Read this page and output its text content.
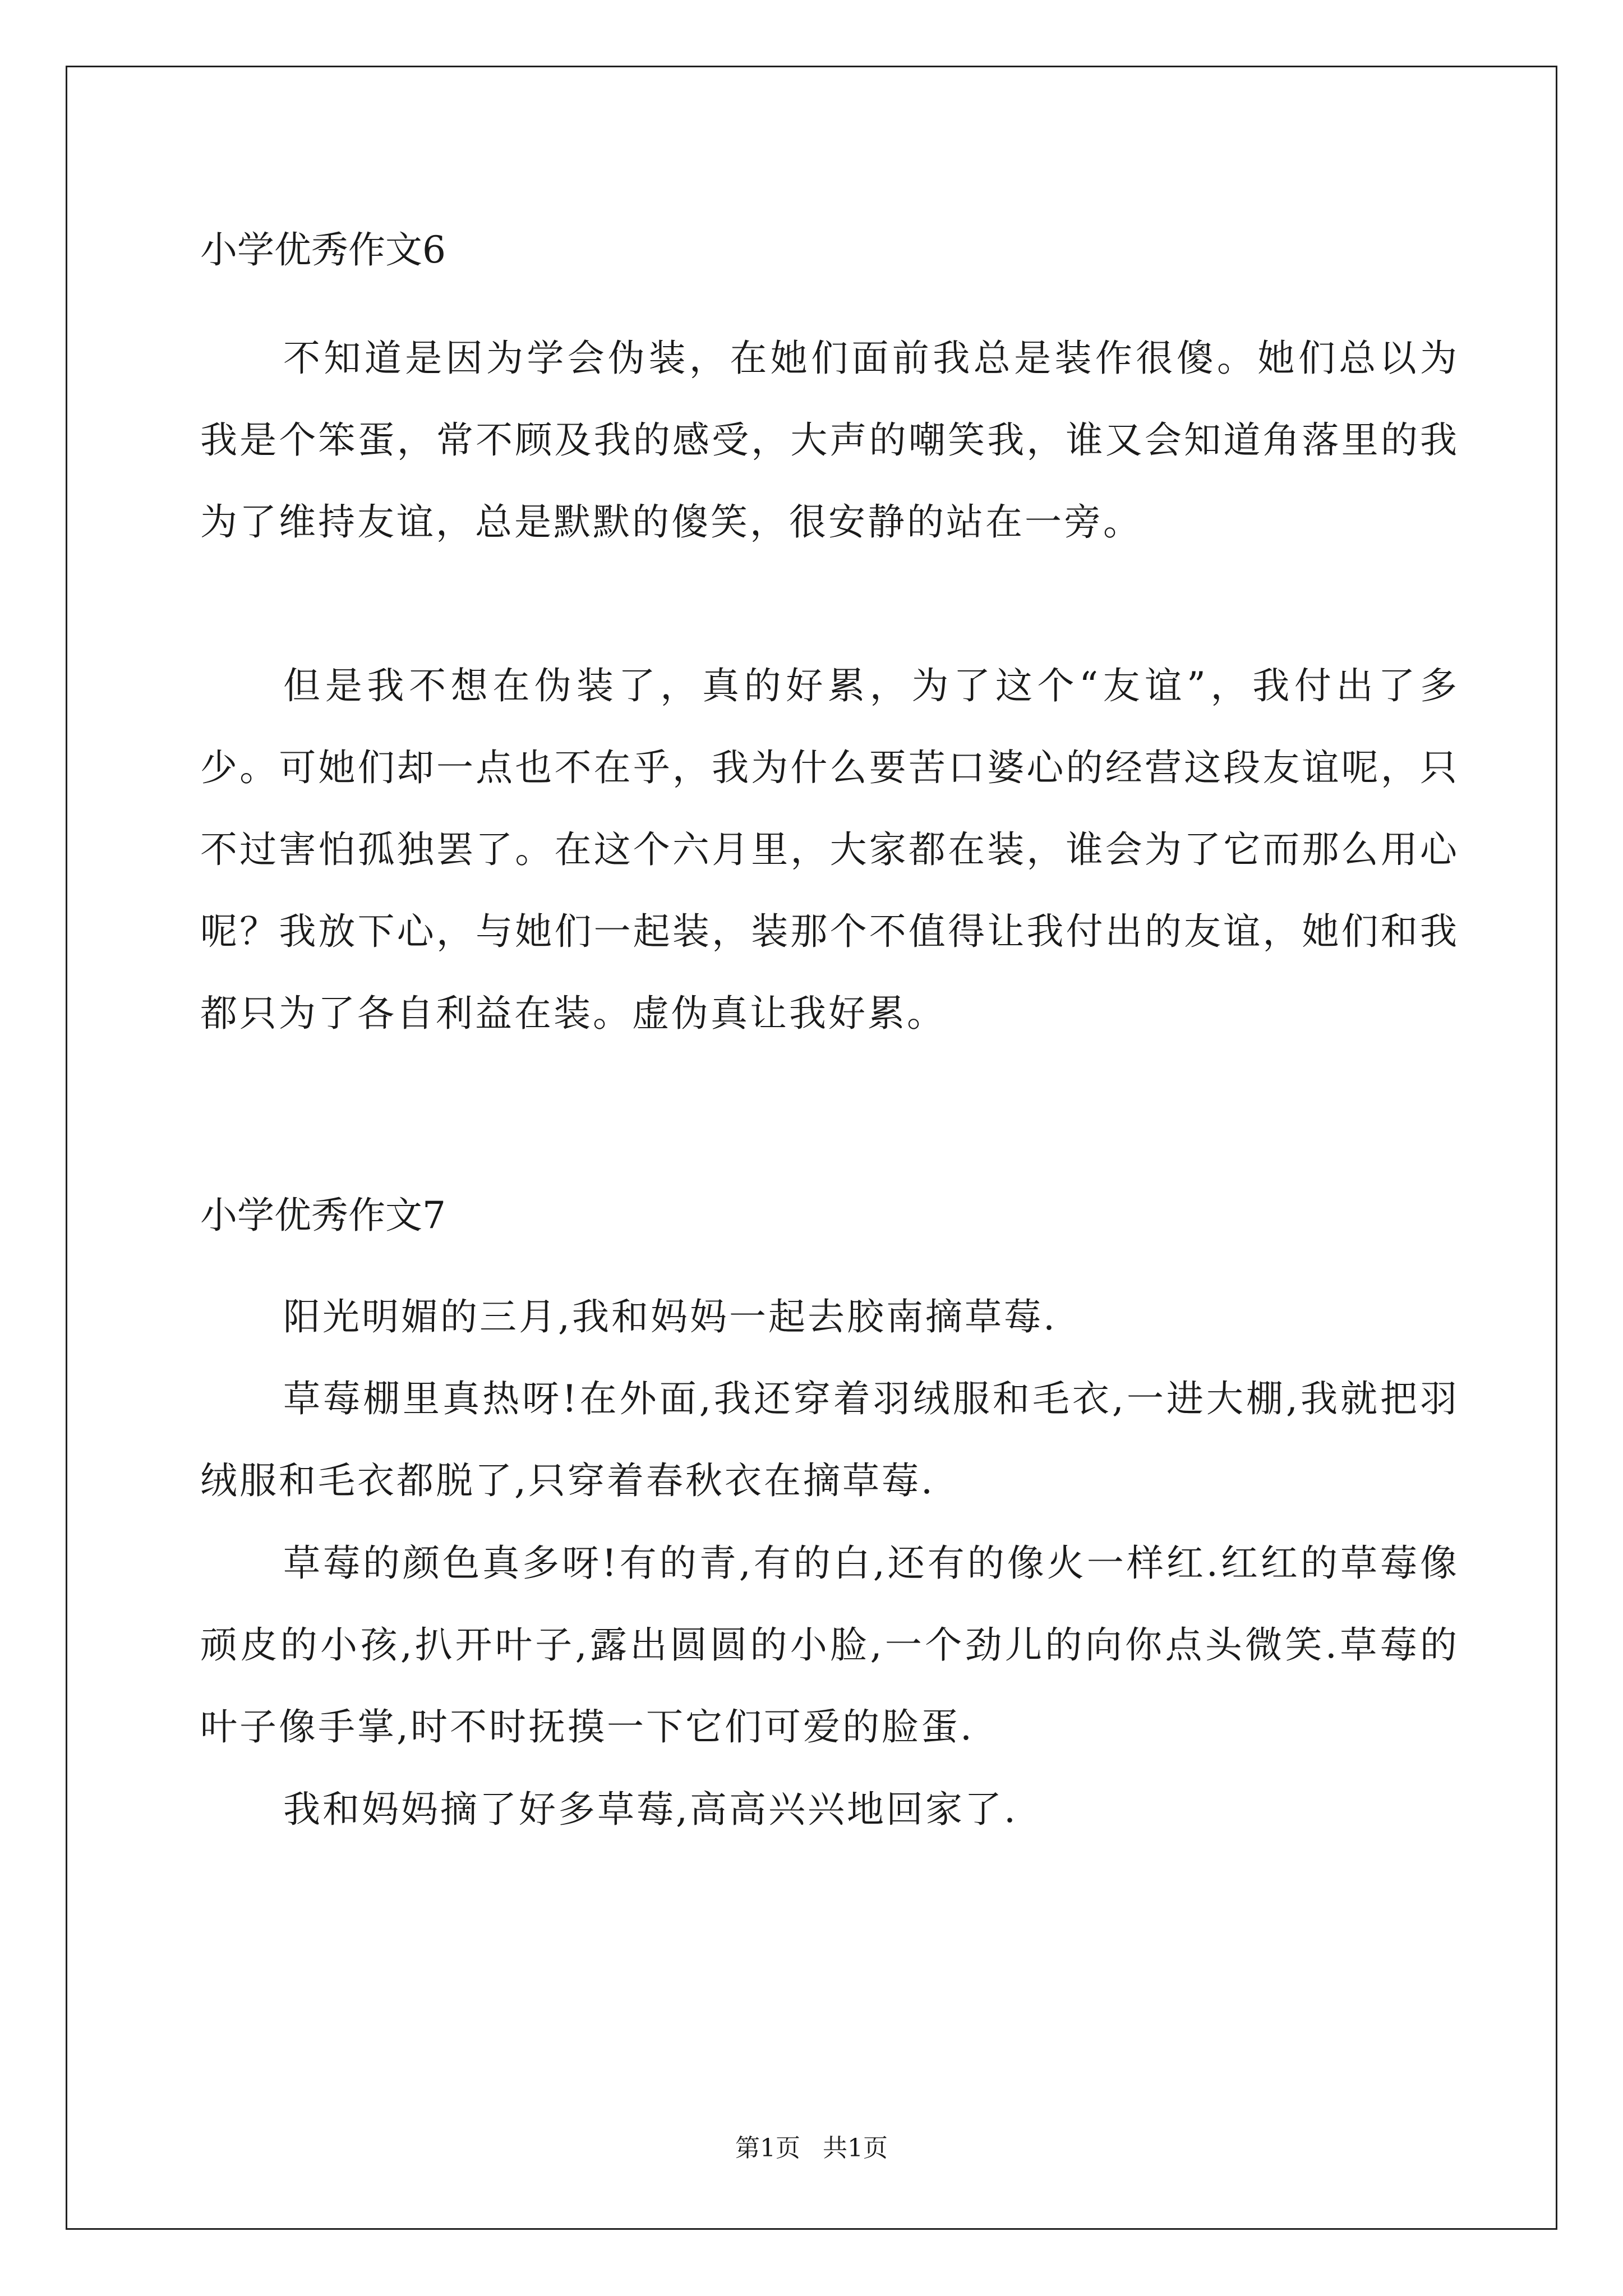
小学优秀作文6

不知道是因为学会伪装，在她们面前我总是装作很傻。她们总以为我是个笨蛋，常不顾及我的感受，大声的嘲笑我，谁又会知道角落里的我为了维持友谊，总是默默的傻笑，很安静的站在一旁。

但是我不想在伪装了，真的好累，为了这个“友谊”，我付出了多少。可她们却一点也不在乎，我为什么要苦口婆心的经营这段友谊呢，只不过害怕孤独罢了。在这个六月里，大家都在装，谁会为了它而那么用心呢？我放下心，与她们一起装，装那个不值得让我付出的友谊，她们和我都只为了各自利益在装。虚伪真让我好累。

小学优秀作文7

阳光明媚的三月,我和妈妈一起去胶南摘草莓.

草莓棚里真热呀!在外面,我还穿着羽绒服和毛衣,一进大棚,我就把羽绒服和毛衣都脱了,只穿着春秋衣在摘草莓.

草莓的颜色真多呀!有的青,有的白,还有的像火一样红.红红的草莓像顽皮的小孩,扒开叶子,露出圆圆的小脸,一个劲儿的向你点头微笑.草莓的叶子像手掌,时不时抚摸一下它们可爱的脸蛋.

我和妈妈摘了好多草莓,高高兴兴地回家了.

第1页 共1页
